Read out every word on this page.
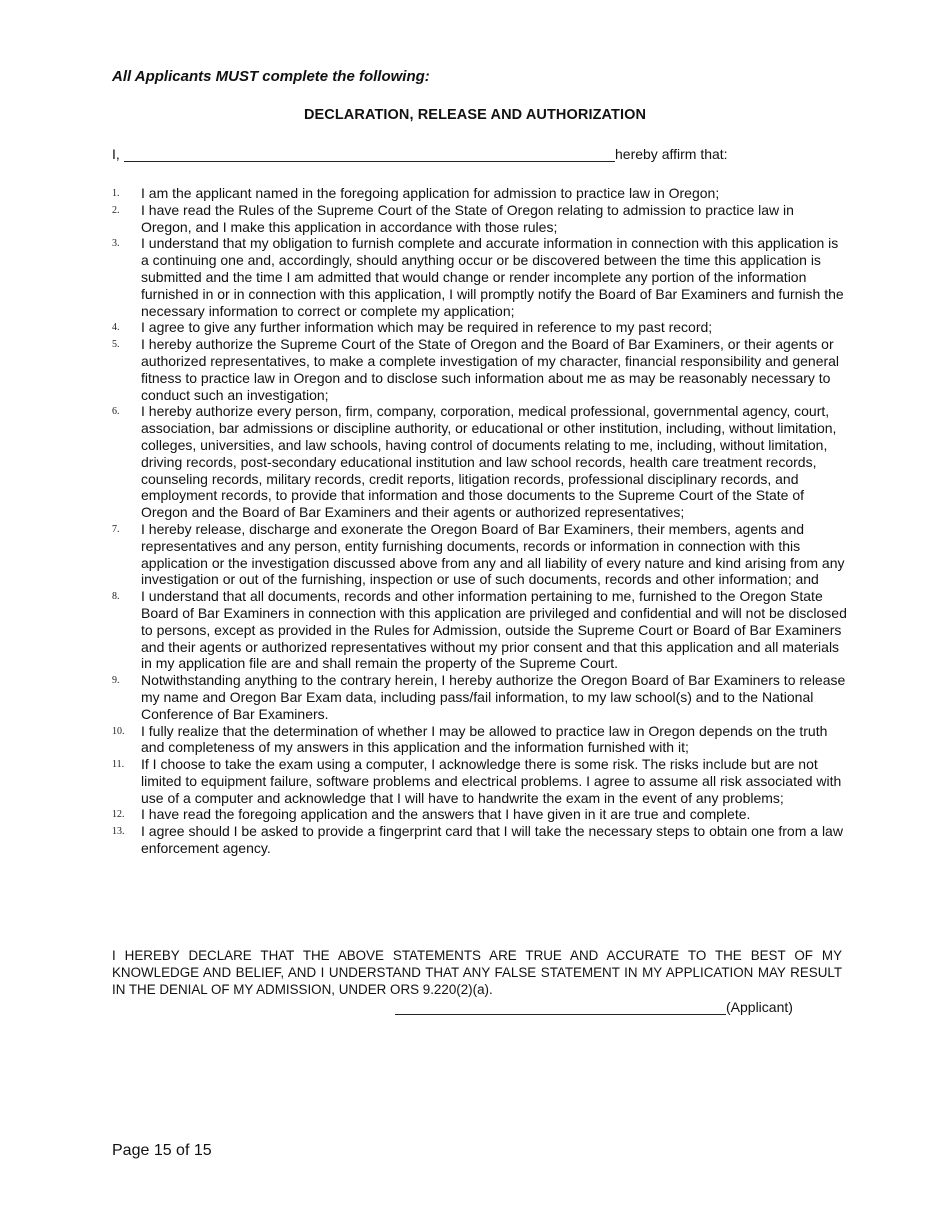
All Applicants MUST complete the following:
DECLARATION, RELEASE AND AUTHORIZATION
I,	hereby affirm that:
1. I am the applicant named in the foregoing application for admission to practice law in Oregon;
2. I have read the Rules of the Supreme Court of the State of Oregon relating to admission to practice law in Oregon, and I make this application in accordance with those rules;
3. I understand that my obligation to furnish complete and accurate information in connection with this application is a continuing one and, accordingly, should anything occur or be discovered between the time this application is submitted and the time I am admitted that would change or render incomplete any portion of the information furnished in or in connection with this application, I will promptly notify the Board of Bar Examiners and furnish the necessary information to correct or complete my application;
4. I agree to give any further information which may be required in reference to my past record;
5. I hereby authorize the Supreme Court of the State of Oregon and the Board of Bar Examiners, or their agents or authorized representatives, to make a complete investigation of my character, financial responsibility and general fitness to practice law in Oregon and to disclose such information about me as may be reasonably necessary to conduct such an investigation;
6. I hereby authorize every person, firm, company, corporation, medical professional, governmental agency, court, association, bar admissions or discipline authority, or educational or other institution, including, without limitation, colleges, universities, and law schools, having control of documents relating to me, including, without limitation, driving records, post-secondary educational institution and law school records, health care treatment records, counseling records, military records, credit reports, litigation records, professional disciplinary records, and employment records, to provide that information and those documents to the Supreme Court of the State of Oregon and the Board of Bar Examiners and their agents or authorized representatives;
7. I hereby release, discharge and exonerate the Oregon Board of Bar Examiners, their members, agents and representatives and any person, entity furnishing documents, records or information in connection with this application or the investigation discussed above from any and all liability of every nature and kind arising from any investigation or out of the furnishing, inspection or use of such documents, records and other information; and
8. I understand that all documents, records and other information pertaining to me, furnished to the Oregon State Board of Bar Examiners in connection with this application are privileged and confidential and will not be disclosed to persons, except as provided in the Rules for Admission, outside the Supreme Court or Board of Bar Examiners and their agents or authorized representatives without my prior consent and that this application and all materials in my application file are and shall remain the property of the Supreme Court.
9. Notwithstanding anything to the contrary herein, I hereby authorize the Oregon Board of Bar Examiners to release my name and Oregon Bar Exam data, including pass/fail information, to my law school(s) and to the National Conference of Bar Examiners.
10. I fully realize that the determination of whether I may be allowed to practice law in Oregon depends on the truth and completeness of my answers in this application and the information furnished with it;
11. If I choose to take the exam using a computer, I acknowledge there is some risk. The risks include but are not limited to equipment failure, software problems and electrical problems. I agree to assume all risk associated with use of a computer and acknowledge that I will have to handwrite the exam in the event of any problems;
12. I have read the foregoing application and the answers that I have given in it are true and complete.
13. I agree should I be asked to provide a fingerprint card that I will take the necessary steps to obtain one from a law enforcement agency.
I HEREBY DECLARE THAT THE ABOVE STATEMENTS ARE TRUE AND ACCURATE TO THE BEST OF MY KNOWLEDGE AND BELIEF, AND I UNDERSTAND THAT ANY FALSE STATEMENT IN MY APPLICATION MAY RESULT IN THE DENIAL OF MY ADMISSION, UNDER ORS 9.220(2)(a).
(Applicant)
Page 15 of 15
